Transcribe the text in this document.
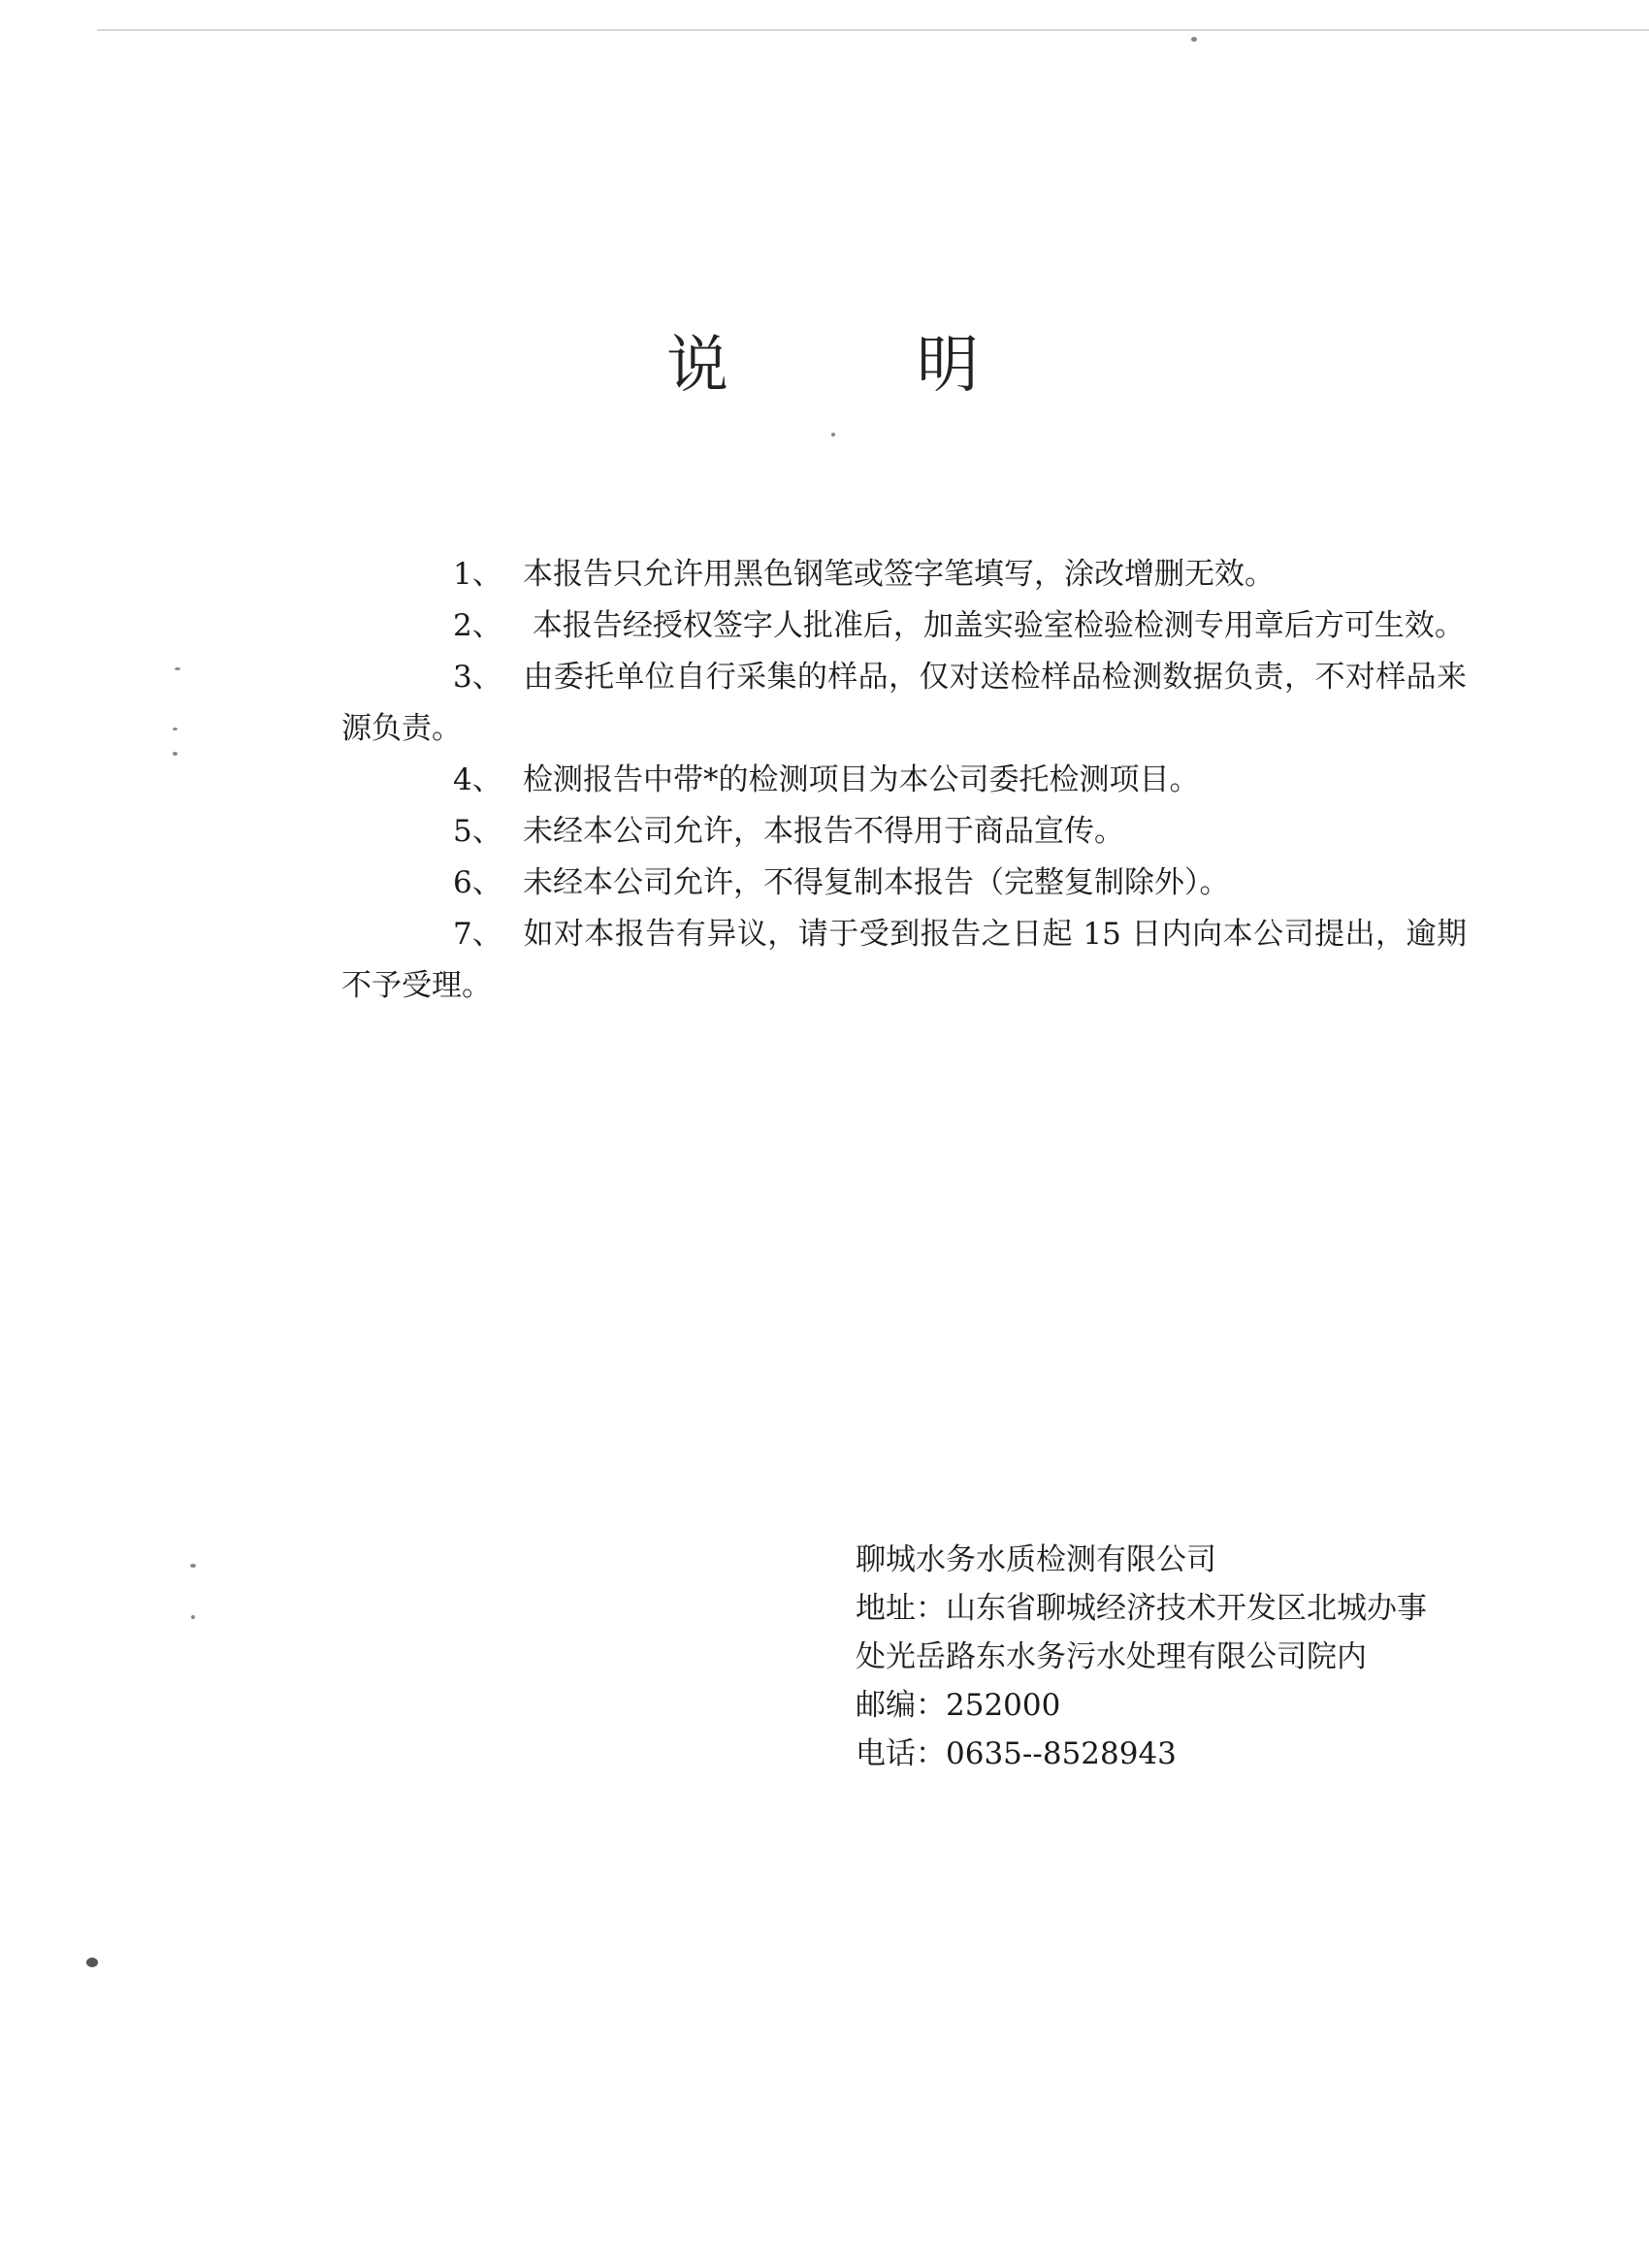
说	明

1、 本报告只允许用黑色钢笔或签字笔填写，涂改增删无效。

2、 本报告经授权签字人批准后，加盖实验室检验检测专用章后方可生效。

3、 由委托单位自行采集的样品，仅对送检样品检测数据负责，不对样品来源负责。

4、 检测报告中带*的检测项目为本公司委托检测项目。

5、 未经本公司允许，本报告不得用于商品宣传。

6、 未经本公司允许，不得复制本报告（完整复制除外）。

7、 如对本报告有异议，请于受到报告之日起 15 日内向本公司提出，逾期不予受理。

聊城水务水质检测有限公司

地址：山东省聊城经济技术开发区北城办事

处光岳路东水务污水处理有限公司院内

邮编：252000

电话：0635--8528943
